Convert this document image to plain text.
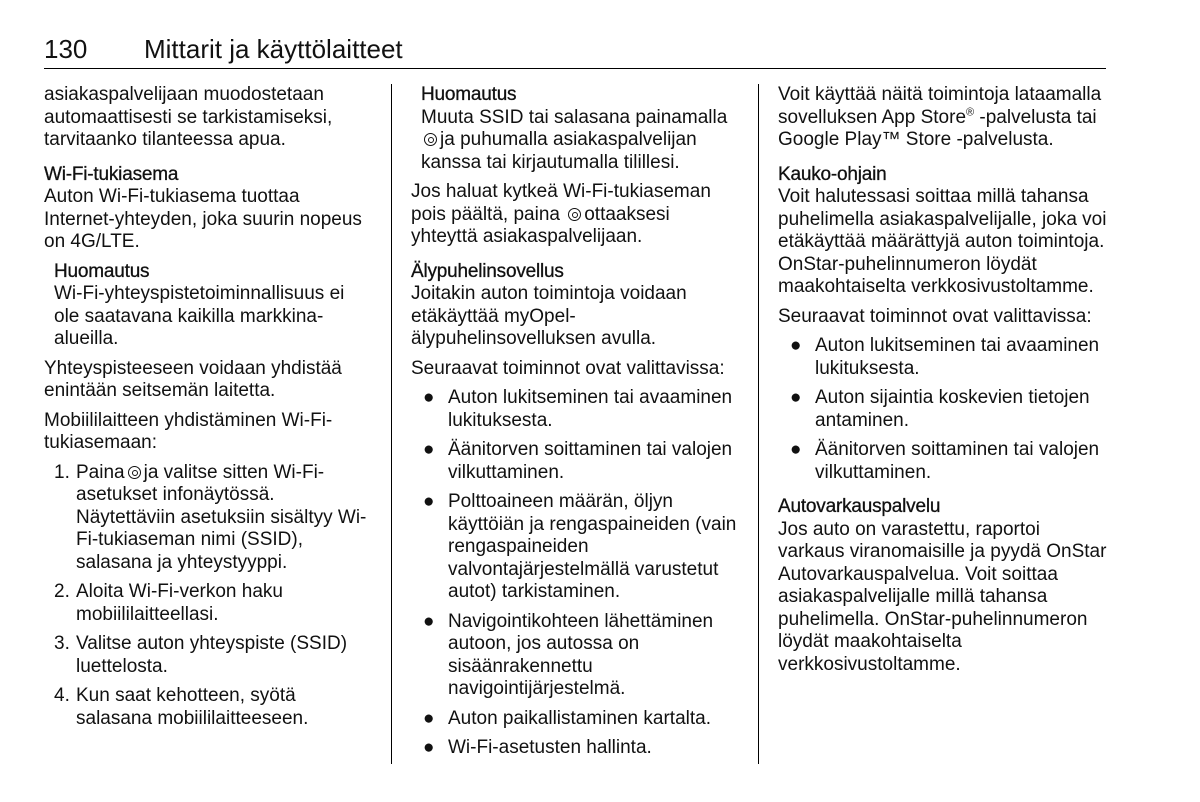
130 Mittarit ja käyttölaitteet

asiakaspalvelijaan muodostetaan automaattisesti se tarkistamiseksi, tarvitaanko tilanteessa apua.

Wi-Fi-tukiasema

Auton Wi-Fi-tukiasema tuottaa Internet-yhteyden, joka suurin nopeus on 4G/LTE.

Huomautus
Wi-Fi-yhteyspistetoiminnallisuus ei ole saatavana kaikilla markkina-alueilla.

Yhteyspisteeseen voidaan yhdistää enintään seitsemän laitetta.

Mobiililaitteen yhdistäminen Wi-Fi-tukiasemaan:

1. Paina ja valitse sitten Wi-Fi-asetukset infonäytössä. Näytettäviin asetuksiin sisältyy Wi-Fi-tukiaseman nimi (SSID), salasana ja yhteystyyppi.
2. Aloita Wi-Fi-verkon haku mobiililaitteellasi.
3. Valitse auton yhteyspiste (SSID) luettelosta.
4. Kun saat kehotteen, syötä salasana mobiililaitteeseen.
Huomautus
Muuta SSID tai salasana painamalla ja puhumalla asiakaspalvelijan kanssa tai kirjautumalla tilillesi.

Jos haluat kytkeä Wi-Fi-tukiaseman pois päältä, paina ottaaksesi yhteyttä asiakaspalvelijaan.

Älypuhelinsovellus

Joitakin auton toimintoja voidaan etäkäyttää myOpel-älypuhelinsovelluksen avulla.

Seuraavat toiminnot ovat valittavissa:

● Auton lukitseminen tai avaaminen lukituksesta.
● Äänitorven soittaminen tai valojen vilkuttaminen.
● Polttoaineen määrän, öljyn käyttöiän ja rengaspaineiden (vain rengaspaineiden valvontajärjestelmällä varustetut autot) tarkistaminen.
● Navigointikohteen lähettäminen autoon, jos autossa on sisäänrakennettu navigointijärjestelmä.
● Auton paikallistaminen kartalta.
● Wi-Fi-asetusten hallinta.

Voit käyttää näitä toimintoja lataamalla sovelluksen App Store® -palvelusta tai Google Play™ Store -palvelusta.

Kauko-ohjain

Voit halutessasi soittaa millä tahansa puhelimella asiakaspalvelijalle, joka voi etäkäyttää määrättyjä auton toimintoja. OnStar-puhelinnumeron löydät maakohtaiselta verkkosivustoltamme.

Seuraavat toiminnot ovat valittavissa:

● Auton lukitseminen tai avaaminen lukituksesta.
● Auton sijaintia koskevien tietojen antaminen.
● Äänitorven soittaminen tai valojen vilkuttaminen.
Autovarkauspalvelu

Jos auto on varastettu, raportoi varkaus viranomaisille ja pyydä OnStar Autovarkauspalvelua. Voit soittaa asiakaspalvelijalle millä tahansa puhelimella. OnStar-puhelinnumeron löydät maakohtaiselta verkkosivustoltamme.
